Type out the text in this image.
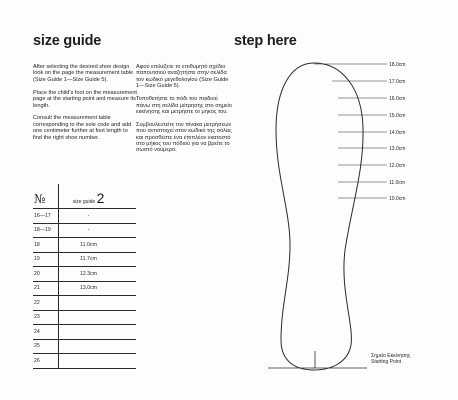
size guide	step here

After selecting the desired shoe design look on the page the measurement table (Size Guide 1—Size Guide 5).

Place the child's foot on the measurement page at the starting point and measure its length.

Consult the measurement table corresponding to the sole code and add one centimeter further at foot length to find the right shoe number.

Αφού επιλέξετε το επιθυμητό σχέδιο παπουτσιού αναζητήστε στην σελίδα τον κωδικό μεγεθολογίου (Size Guide 1—Size Guide 5).

Τοποθετήστε το πόδι του παιδιού πάνω στη σελίδα μέτρησης στο σημείο εκκίνησης και μετρήστε το μήκος του.

Συμβουλευτείτε τον πίνακα μετρήσεων που αντιστοιχεί στον κωδικό της σόλας και προσθέστε ένα επιπλέον εκατοστό στο μήκος του πόδιού για να βρείτε το σωστό νούμερο.

№	size guide 2
16—17	-
18—19	-
18	11.0cm
19	11.7cm
20	12.3cm
21	13.0cm
22	
23	
24	
25	
26	
18.0cm
17.0cm
16.0cm
15.0cm
14.0cm
13.0cm
12.0cm
11.0cm
10.0cm
Σημείο Εκκίνησης
Starting Point
